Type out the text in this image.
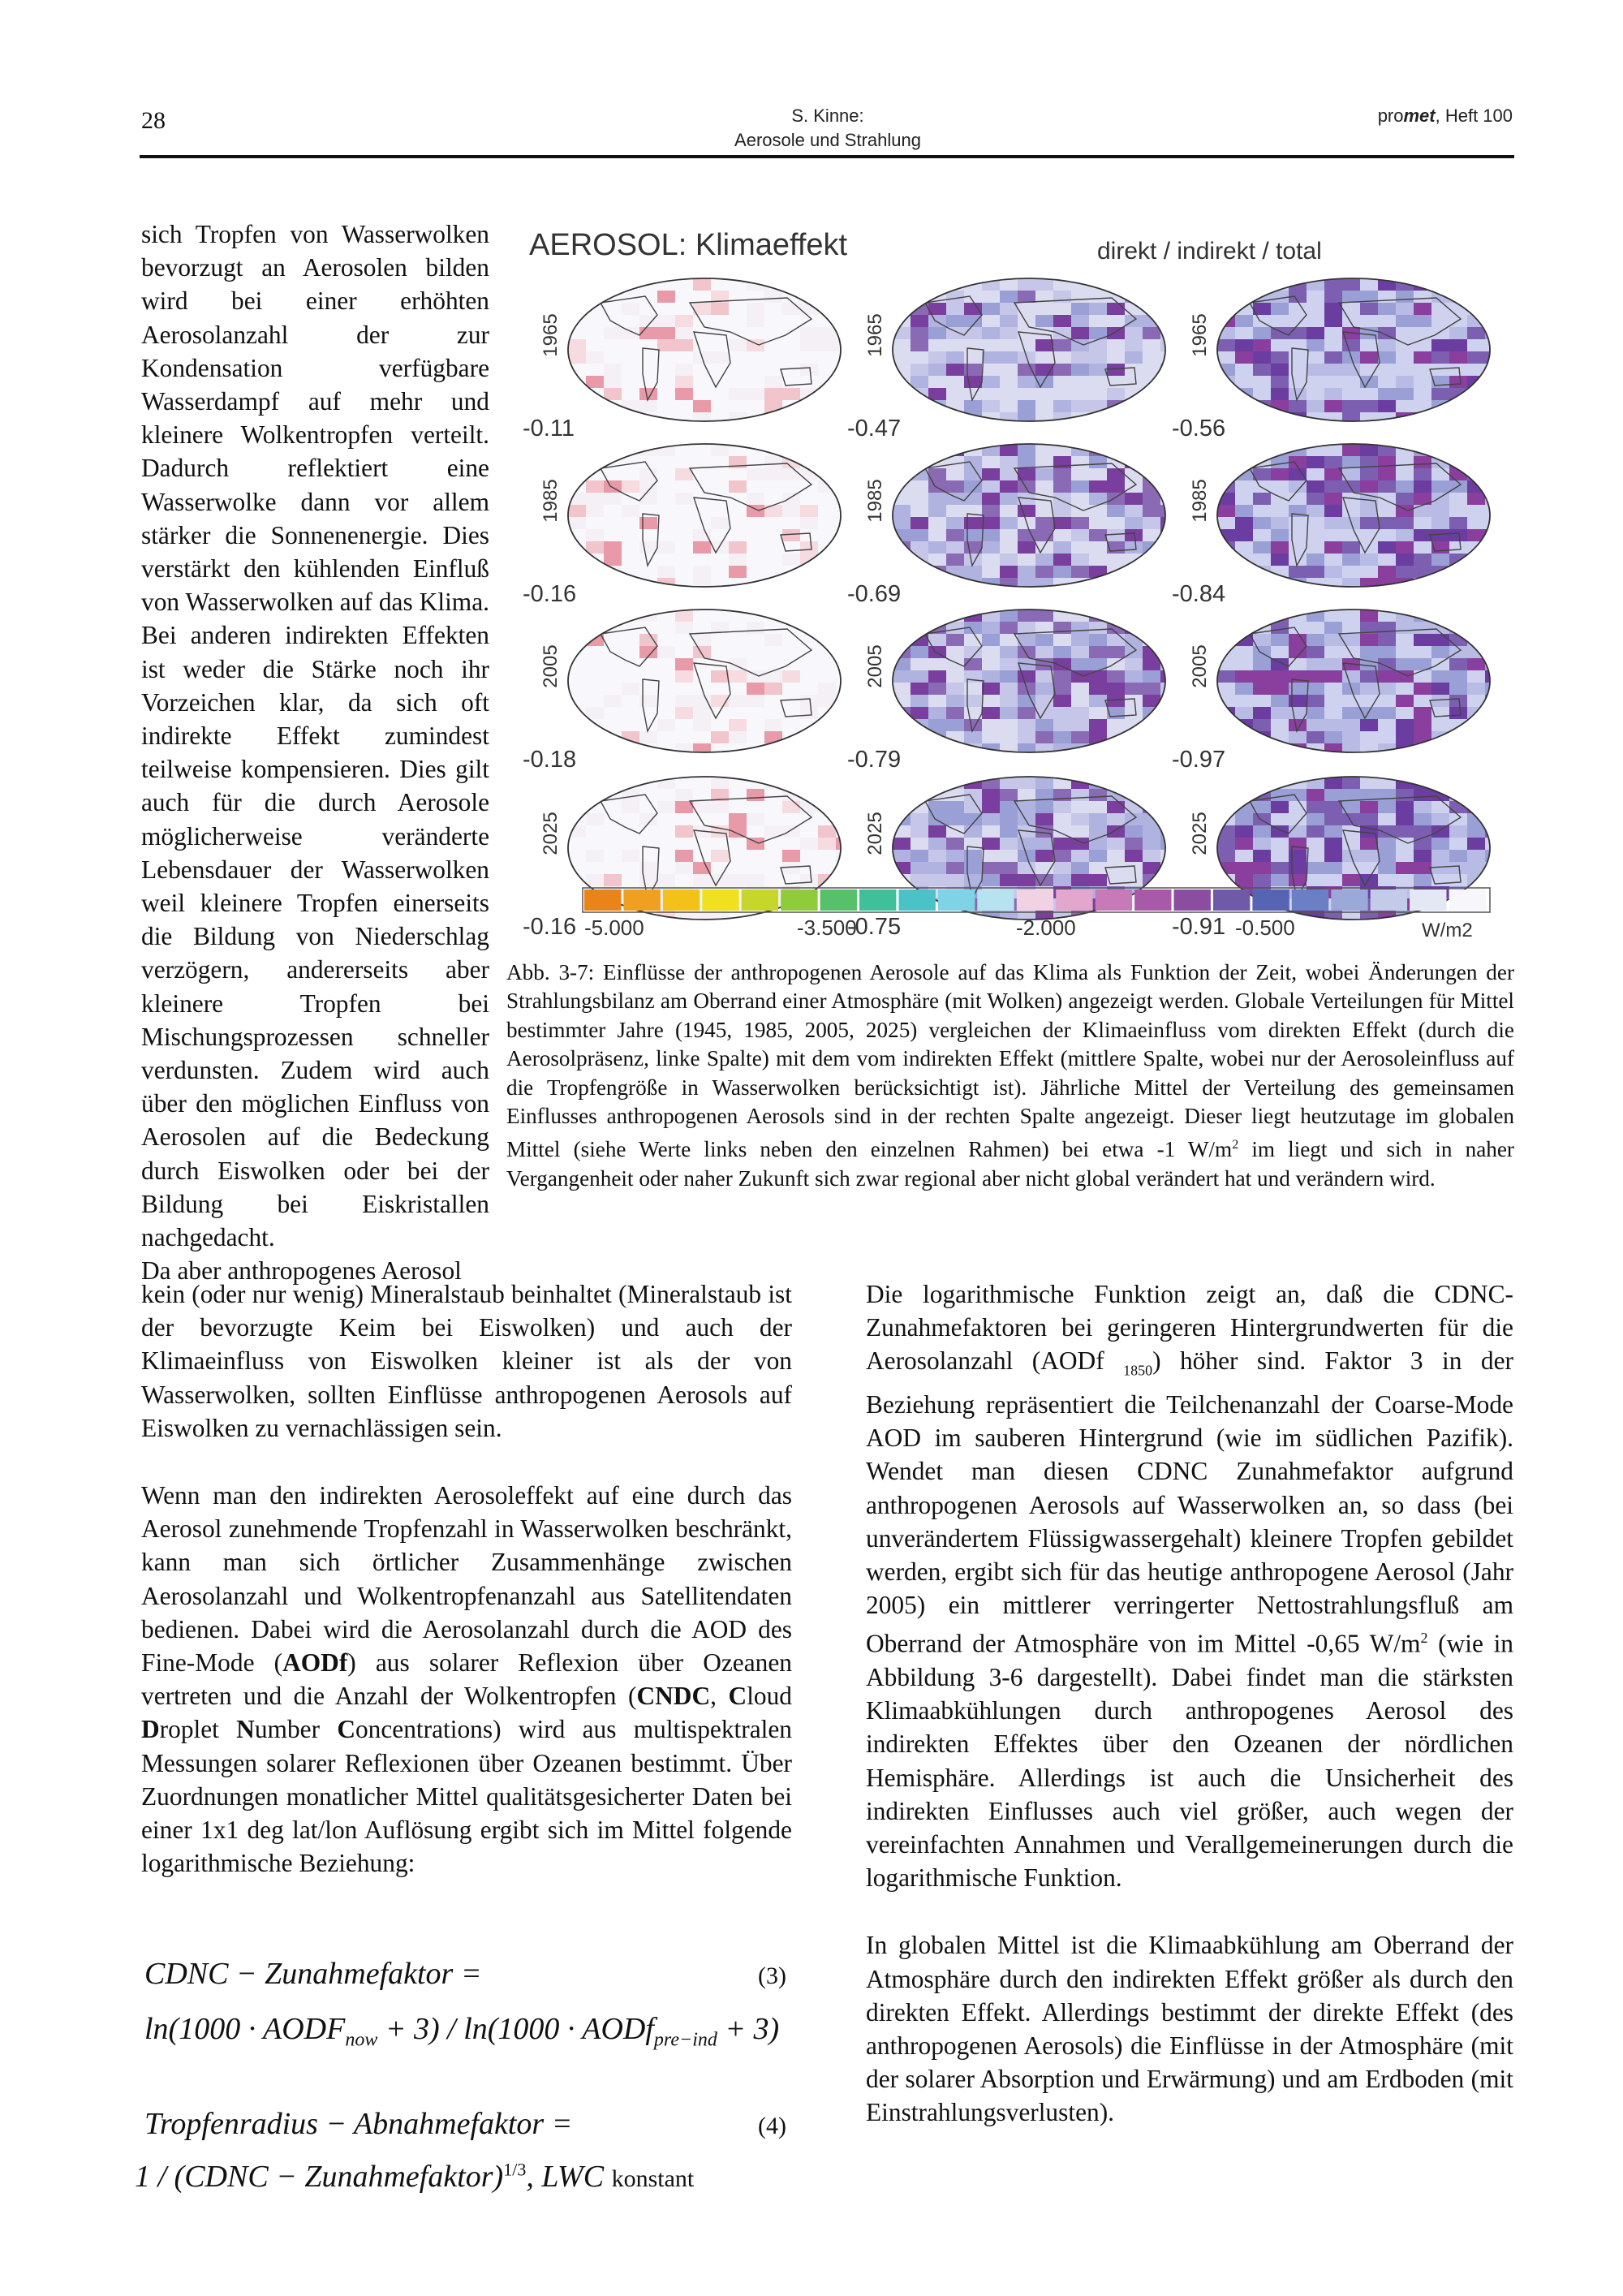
28	S. Kinne:
Aerosole und Strahlung
promet, Heft 100

sich Tropfen von Wasserwolken bevorzugt an Aerosolen bilden wird bei einer erhöhten Aerosolanzahl der zur Kondensation verfügbare Wasserdampf auf mehr und kleinere Wolkentropfen verteilt. Dadurch reflektiert eine Wasserwolke dann vor allem stärker die Sonnenenergie. Dies verstärkt den kühlenden Einfluß von Wasserwolken auf das Klima. Bei anderen indirekten Effekten ist weder die Stärke noch ihr Vorzeichen klar, da sich oft indirekte Effekt zumindest teilweise kompensieren. Dies gilt auch für die durch Aerosole möglicherweise veränderte Lebensdauer der Wasserwolken weil kleinere Tropfen einerseits die Bildung von Niederschlag verzögern, andererseits aber kleinere Tropfen bei Mischungsprozessen schneller verdunsten. Zudem wird auch über den möglichen Einfluss von Aerosolen auf die Bedeckung durch Eiswolken oder bei der Bildung bei Eiskristallen nachgedacht.

Da aber anthropogenes Aerosol

AEROSOL: Klimaeffekt	direkt / indirekt / total
1965
-0.11
1965
-0.47
1965
-0.56
1985
-0.16
1985
-0.69
1985
-0.84
2005
-0.18
2005
-0.79
2005
-0.97
2025
-0.16
2025
-0.75
2025
-0.91
-5.000	-3.500	-2.000	-0.500	W/m2
Abb. 3-7: Einflüsse der anthropogenen Aerosole auf das Klima als Funktion der Zeit, wobei Änderungen der Strahlungsbilanz am Oberrand einer Atmosphäre (mit Wolken) angezeigt werden. Globale Verteilungen für Mittel bestimmter Jahre (1945, 1985, 2005, 2025) vergleichen der Klimaeinfluss vom direkten Effekt (durch die Aerosolpräsenz, linke Spalte) mit dem vom indirekten Effekt (mittlere Spalte, wobei nur der Aerosoleinfluss auf die Tropfengröße in Wasserwolken berücksichtigt ist). Jährliche Mittel der Verteilung des gemeinsamen Einflusses anthropogenen Aerosols sind in der rechten Spalte angezeigt. Dieser liegt heutzutage im globalen Mittel (siehe Werte links neben den einzelnen Rahmen) bei etwa -1 $W/m^2$ im liegt und sich in naher Vergangenheit oder naher Zukunft sich zwar regional aber nicht global verändert hat und verändern wird.

kein (oder nur wenig) Mineralstaub beinhaltet (Mineralstaub ist der bevorzugte Keim bei Eiswolken) und auch der Klimaeinfluss von Eiswolken kleiner ist als der von Wasserwolken, sollten Einflüsse anthropogenen Aerosols auf Eiswolken zu vernachlässigen sein.

Wenn man den indirekten Aerosoleffekt auf eine durch das Aerosol zunehmende Tropfenzahl in Wasserwolken beschränkt, kann man sich örtlicher Zusammenhänge zwischen Aerosolanzahl und Wolkentropfenanzahl aus Satellitendaten bedienen. Dabei wird die Aerosolanzahl durch die AOD des Fine-Mode (AODf) aus solarer Reflexion über Ozeanen vertreten und die Anzahl der Wolkentropfen (CNDC, Cloud Droplet Number Concentrations) wird aus multispektralen Messungen solarer Reflexionen über Ozeanen bestimmt. Über Zuordnungen monatlicher Mittel qualitätsgesicherter Daten bei einer 1x1 deg lat/lon Auflösung ergibt sich im Mittel folgende logarithmische Beziehung:

CDNC − Zunahmefaktor =	(3)
$\ln(1000 \cdot AODF_{now} + 3) / \ln(1000$ · AODf$_{pre-ind}$ + 3)
Tropfenradius − Abnahmefaktor =	(4)
1 / (CDNC − Zunahmefaktor)$^{1/3}$, LWC konstant

Die logarithmische Funktion zeigt an, daß die CDNC-Zunahmefaktoren bei geringeren Hintergrundwerten für die Aerosolanzahl (AODf $_{1850}$) höher sind. Faktor 3 in der Beziehung repräsentiert die Teilchenanzahl der Coarse-Mode AOD im sauberen Hintergrund (wie im südlichen Pazifik). Wendet man diesen CDNC Zunahmefaktor aufgrund anthropogenen Aerosols auf Wasserwolken an, so dass (bei unverändertem Flüssigwassergehalt) kleinere Tropfen gebildet werden, ergibt sich für das heutige anthropogene Aerosol (Jahr 2005) ein mittlerer verringerter Nettostrahlungsfluß am Oberrand der Atmosphäre von im Mittel -0,65 $W/m^2$ (wie in Abbildung 3-6 dargestellt). Dabei findet man die stärksten Klimaabkühlungen durch anthropogenes Aerosol des indirekten Effektes über den Ozeanen der nördlichen Hemisphäre. Allerdings ist auch die Unsicherheit des indirekten Einflusses auch viel größer, auch wegen der vereinfachten Annahmen und Verallgemeinerungen durch die logarithmische Funktion.

In globalen Mittel ist die Klimaabkühlung am Oberrand der Atmosphäre durch den indirekten Effekt größer als durch den direkten Effekt. Allerdings bestimmt der direkte Effekt (des anthropogenen Aerosols) die Einflüsse in der Atmosphäre (mit der solarer Absorption und Erwärmung) und am Erdboden (mit Einstrahlungsverlusten).
